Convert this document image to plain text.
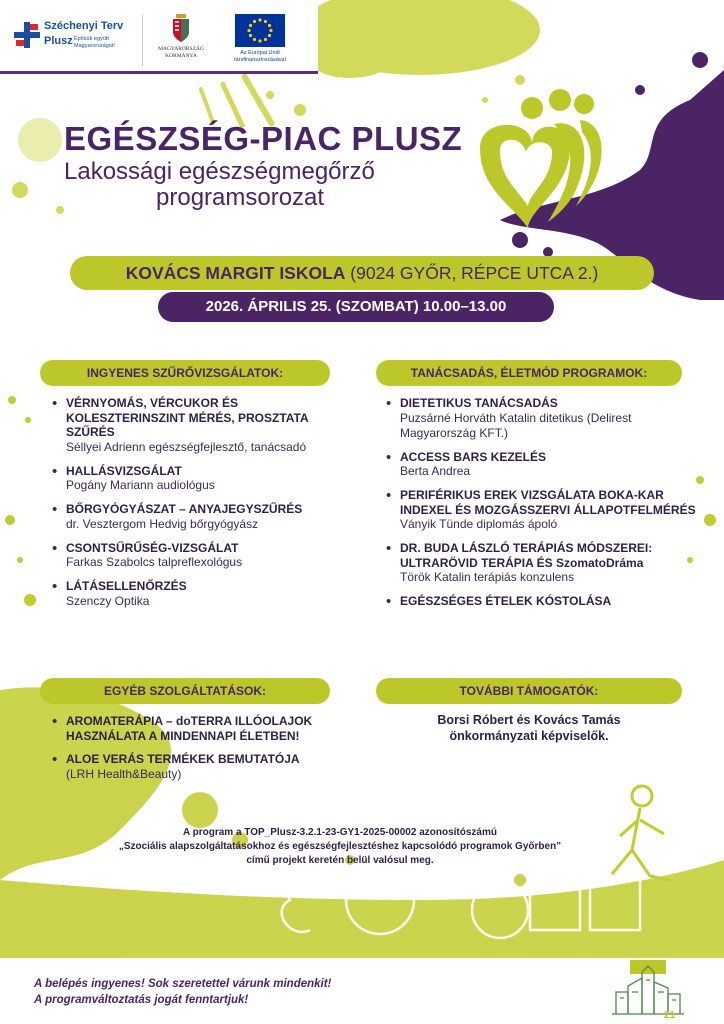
Széchenyi Terv
Plusz Építsük együtt Magyarországot!	MAGYARORSZÁG
KORMÁNYA	Az Európai Unió
társfinanszírozásával
EGÉSZSÉG-PIAC PLUSZ
Lakossági egészségmegőrző
programsorozat
KOVÁCS MARGIT ISKOLA (9024 GYŐR, RÉPCE UTCA 2.)
2026. ÁPRILIS 25. (SZOMBAT) 10.00–13.00
INGYENES SZŰRŐVIZSGÁLATOK:
• VÉRNYOMÁS, VÉRCUKOR ÉS KOLESZTERINSZINT MÉRÉS, PROSZTATA SZŰRÉS
Séllyei Adrienn egészségfejlesztő, tanácsadó
• HALLÁSVIZSGÁLAT
Pogány Mariann audiológus
• BŐRGYÓGYÁSZAT – ANYAJEGYSZŰRÉS
dr. Vesztergom Hedvig bőrgyógyász
• CSONTSŰRŰSÉG-VIZSGÁLAT
Farkas Szabolcs talpreflexológus
• LÁTÁSELLENŐRZÉS
Szenczy Optika
TANÁCSADÁS, ÉLETMÓD PROGRAMOK:
• DIETETIKUS TANÁCSADÁS
Puzsárné Horváth Katalin ditetikus (Delirest Magyarország KFT.)
• ACCESS BARS KEZELÉS
Berta Andrea
• PERIFÉRIKUS EREK VIZSGÁLATA BOKA-KAR INDEXEL ÉS MOZGÁSSZERVI ÁLLAPOTFELMÉRÉS
Ványik Tünde diplomás ápoló
• DR. BUDA LÁSZLÓ TERÁPIÁS MÓDSZEREI: ULTRARÖVID TERÁPIA ÉS SzomatoDráma
Török Katalin terápiás konzulens
• EGÉSZSÉGES ÉTELEK KÓSTOLÁSA
EGYÉB SZOLGÁLTATÁSOK:
• AROMATERÁPIA – doTERRA ILLÓOLAJOK HASZNÁLATA A MINDENNAPI ÉLETBEN!
• ALOE VERÁS TERMÉKEK BEMUTATÓJA
(LRH Health&Beauty)
TOVÁBBI TÁMOGATÓK:
Borsi Róbert és Kovács Tamás
önkormányzati képviselők.
A program a TOP_Plusz-3.2.1-23-GY1-2025-00002 azonosítószámú
„Szociális alapszolgáltatásokhoz és egészségfejlesztéshez kapcsolódó programok Győrben”
című projekt keretén belül valósul meg.
A belépés ingyenes! Sok szeretettel várunk mindenkit!
A programváltoztatás jogát fenntartjuk!
21
